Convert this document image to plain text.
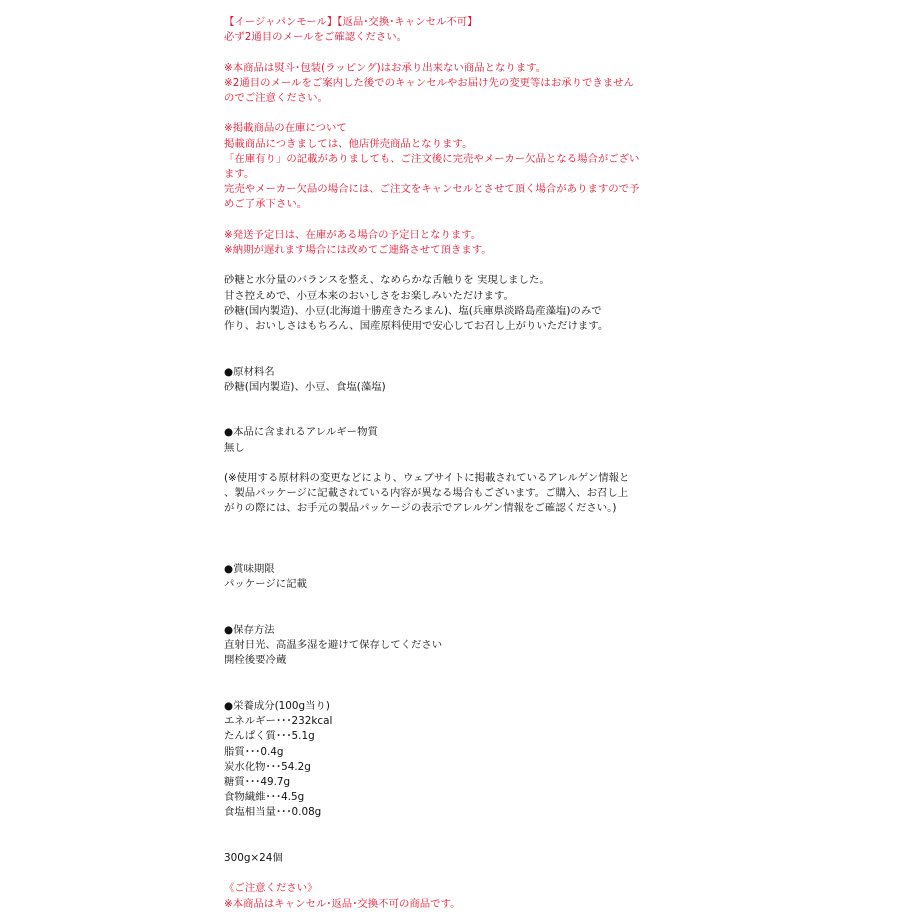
【イージャパンモール】【返品･交換･キャンセル不可】
必ず2通目のメールをご確認ください。
※本商品は熨斗･包装(ラッピング)はお承り出来ない商品となります。
※2通目のメールをご案内した後でのキャンセルやお届け先の変更等はお承りできません
のでご注意ください。
※掲載商品の在庫について
掲載商品につきましては、他店併売商品となります。
「在庫有り」の記載がありましても、ご注文後に完売やメーカー欠品となる場合がござい
ます。
完売やメーカー欠品の場合には、ご注文をキャンセルとさせて頂く場合がありますので予
めご了承下さい。
※発送予定日は、在庫がある場合の予定日となります。
※納期が遅れます場合には改めてご連絡させて頂きます。
砂糖と水分量のバランスを整え、なめらかな舌触りを 実現しました。
甘さ控えめで、小豆本来のおいしさをお楽しみいただけます。
砂糖(国内製造)、小豆(北海道十勝産きたろまん)、塩(兵庫県淡路島産藻塩)のみで
作り、おいしさはもちろん、国産原料使用で安心してお召し上がりいただけます。
●原材料名
砂糖(国内製造)、小豆、食塩(藻塩)
●本品に含まれるアレルギー物質
無し
(※使用する原材料の変更などにより、ウェブサイトに掲載されているアレルゲン情報と
、製品パッケージに記載されている内容が異なる場合もございます。ご購入、お召し上
がりの際には、お手元の製品パッケージの表示でアレルゲン情報をご確認ください。)
●賞味期限
パッケージに記載
●保存方法
直射日光、高温多湿を避けて保存してください
開栓後要冷蔵
●栄養成分(100g当り)
エネルギー･･･232kcal
たんぱく質･･･5.1g
脂質･･･0.4g
炭水化物･･･54.2g
糖質･･･49.7g
食物繊維･･･4.5g
食塩相当量･･･0.08g
300g×24個
《ご注意ください》
※本商品はキャンセル･返品･交換不可の商品です。
